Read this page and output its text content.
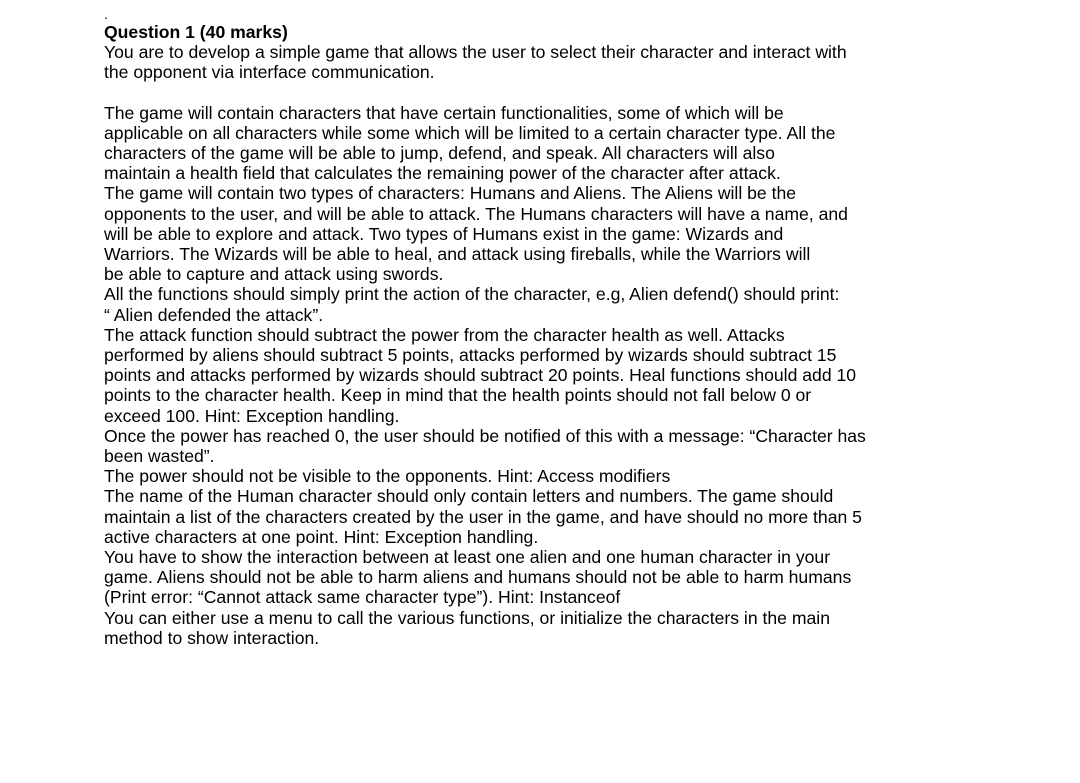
.

Question 1 (40 marks)

You are to develop a simple game that allows the user to select their character and interact with

the opponent via interface communication.

The game will contain characters that have certain functionalities, some of which will be

applicable on all characters while some which will be limited to a certain character type. All the

characters of the game will be able to jump, defend, and speak. All characters will also

maintain a health field that calculates the remaining power of the character after attack.

The game will contain two types of characters: Humans and Aliens. The Aliens will be the

opponents to the user, and will be able to attack. The Humans characters will have a name, and

will be able to explore and attack. Two types of Humans exist in the game: Wizards and

Warriors. The Wizards will be able to heal, and attack using fireballs, while the Warriors will

be able to capture and attack using swords.

All the functions should simply print the action of the character, e.g, Alien defend() should print:

“ Alien defended the attack”.

The attack function should subtract the power from the character health as well. Attacks

performed by aliens should subtract 5 points, attacks performed by wizards should subtract 15

points and attacks performed by wizards should subtract 20 points. Heal functions should add 10

points to the character health. Keep in mind that the health points should not fall below 0 or

exceed 100. Hint: Exception handling.

Once the power has reached 0, the user should be notified of this with a message: “Character has

been wasted”.

The power should not be visible to the opponents. Hint: Access modifiers

The name of the Human character should only contain letters and numbers. The game should

maintain a list of the characters created by the user in the game, and have should no more than 5

active characters at one point. Hint: Exception handling.

You have to show the interaction between at least one alien and one human character in your

game. Aliens should not be able to harm aliens and humans should not be able to harm humans

(Print error: “Cannot attack same character type”). Hint: Instanceof

You can either use a menu to call the various functions, or initialize the characters in the main

method to show interaction.
